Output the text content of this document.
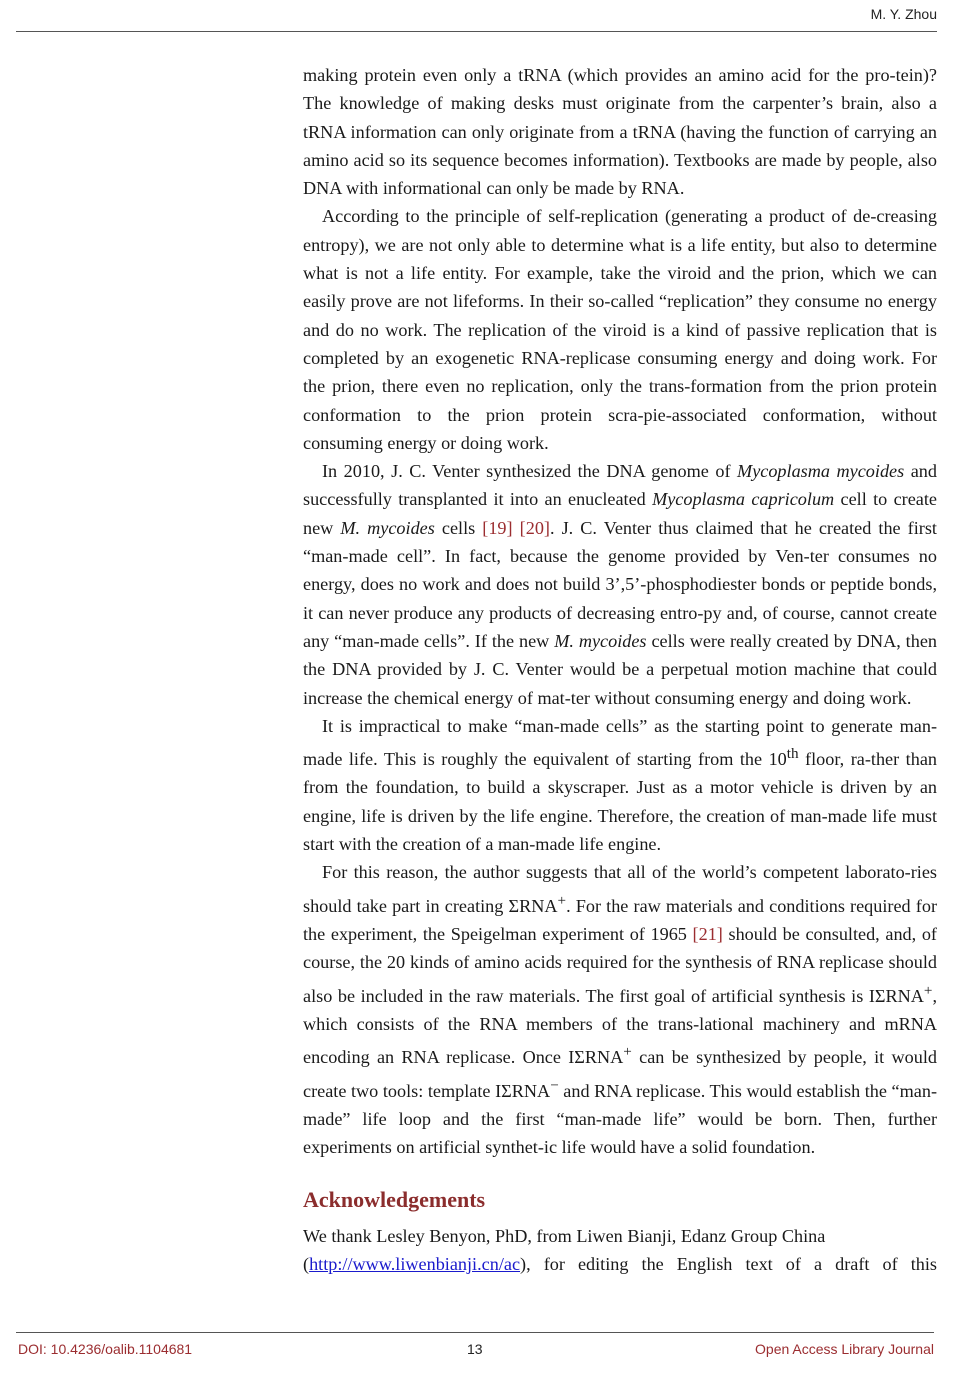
M. Y. Zhou

making protein even only a tRNA (which provides an amino acid for the pro-tein)? The knowledge of making desks must originate from the carpenter’s brain, also a tRNA information can only originate from a tRNA (having the function of carrying an amino acid so its sequence becomes information). Textbooks are made by people, also DNA with informational can only be made by RNA.

According to the principle of self-replication (generating a product of de-creasing entropy), we are not only able to determine what is a life entity, but also to determine what is not a life entity. For example, take the viroid and the prion, which we can easily prove are not lifeforms. In their so-called “replication” they consume no energy and do no work. The replication of the viroid is a kind of passive replication that is completed by an exogenetic RNA-replicase consuming energy and doing work. For the prion, there even no replication, only the trans-formation from the prion protein conformation to the prion protein scra-pie-associated conformation, without consuming energy or doing work.

In 2010, J. C. Venter synthesized the DNA genome of Mycoplasma mycoides and successfully transplanted it into an enucleated Mycoplasma capricolum cell to create new M. mycoides cells [19] [20]. J. C. Venter thus claimed that he created the first “man-made cell”. In fact, because the genome provided by Ven-ter consumes no energy, does no work and does not build 3’,5’-phosphodiester bonds or peptide bonds, it can never produce any products of decreasing entro-py and, of course, cannot create any “man-made cells”. If the new M. mycoides cells were really created by DNA, then the DNA provided by J. C. Venter would be a perpetual motion machine that could increase the chemical energy of mat-ter without consuming energy and doing work.

It is impractical to make “man-made cells” as the starting point to generate man-made life. This is roughly the equivalent of starting from the 10th floor, ra-ther than from the foundation, to build a skyscraper. Just as a motor vehicle is driven by an engine, life is driven by the life engine. Therefore, the creation of man-made life must start with the creation of a man-made life engine.

For this reason, the author suggests that all of the world’s competent laborato-ries should take part in creating ΣRNA+. For the raw materials and conditions required for the experiment, the Speigelman experiment of 1965 [21] should be consulted, and, of course, the 20 kinds of amino acids required for the synthesis of RNA replicase should also be included in the raw materials. The first goal of artificial synthesis is IΣRNA+, which consists of the RNA members of the trans-lational machinery and mRNA encoding an RNA replicase. Once IΣRNA+ can be synthesized by people, it would create two tools: template IΣRNA− and RNA replicase. This would establish the “man-made” life loop and the first “man-made life” would be born. Then, further experiments on artificial synthet-ic life would have a solid foundation.

Acknowledgements

We thank Lesley Benyon, PhD, from Liwen Bianji, Edanz Group China

(http://www.liwenbianji.cn/ac), for editing the English text of a draft of this

DOI: 10.4236/oalib.1104681	13	Open Access Library Journal
